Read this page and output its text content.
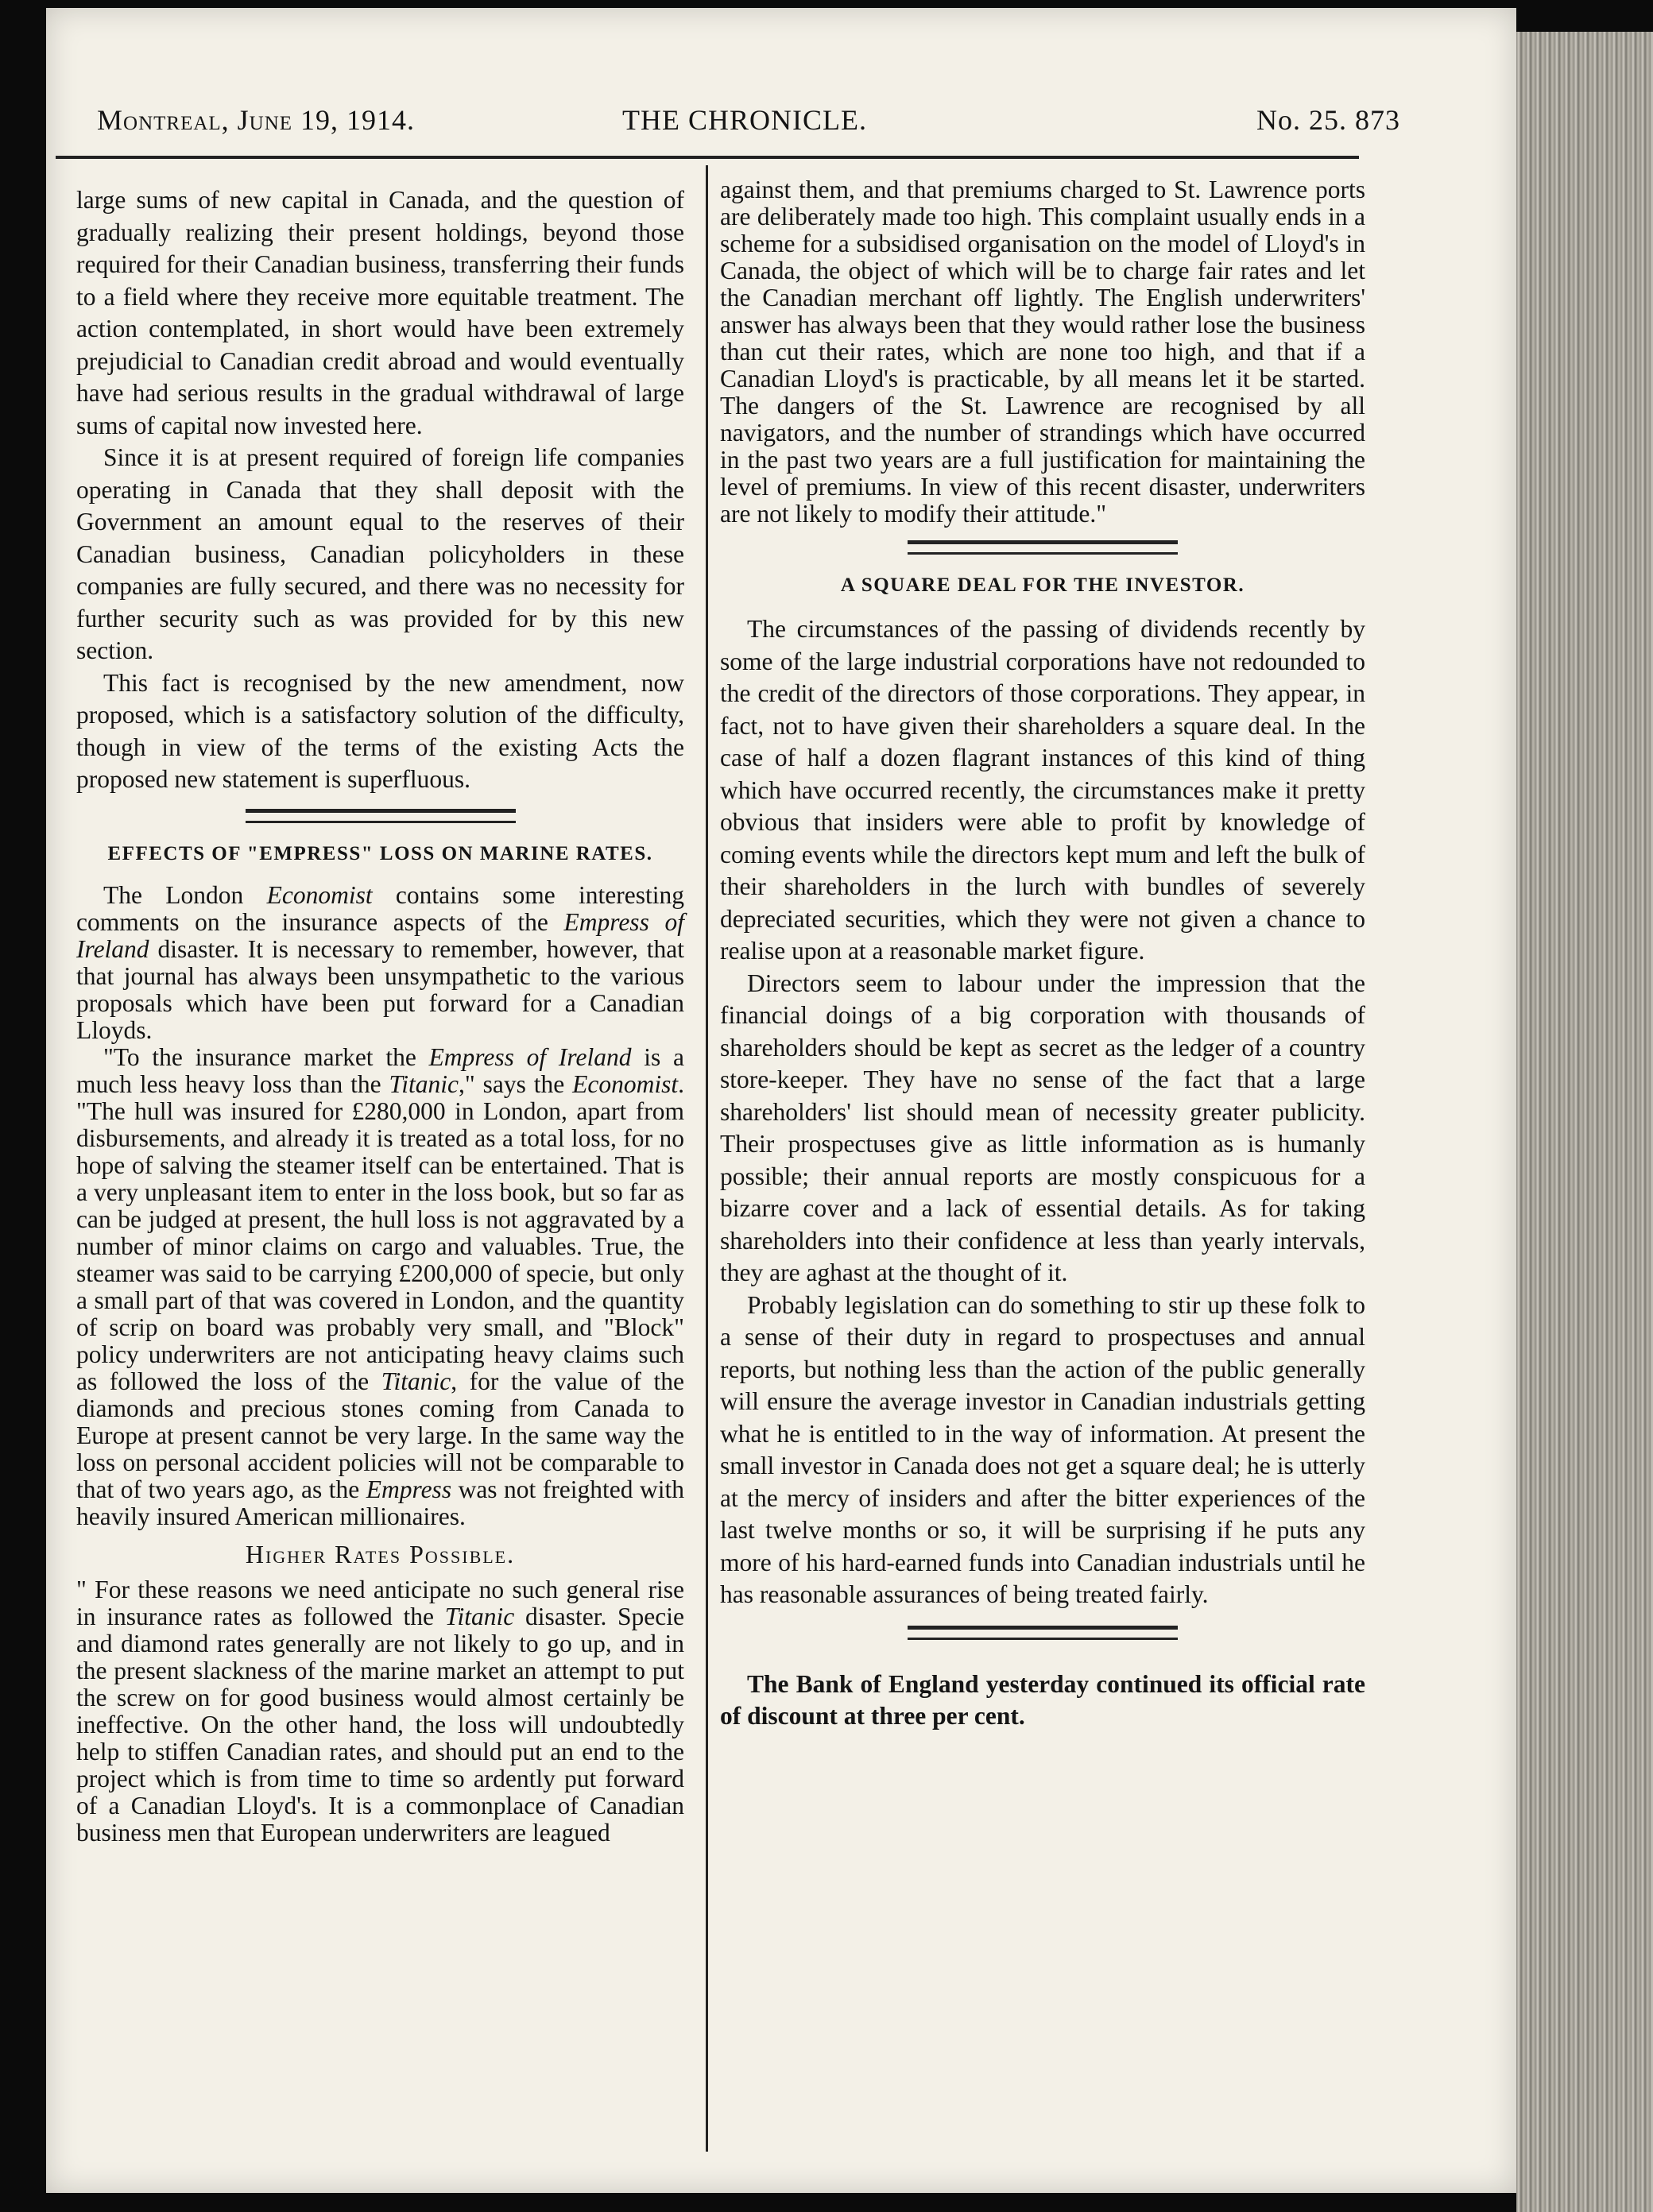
Montreal, June 19, 1914.	THE CHRONICLE.	No. 25. 873

large sums of new capital in Canada, and the question of gradually realizing their present holdings, beyond those required for their Canadian business, transferring their funds to a field where they receive more equitable treatment. The action contemplated, in short would have been extremely prejudicial to Canadian credit abroad and would eventually have had serious results in the gradual withdrawal of large sums of capital now invested here.

Since it is at present required of foreign life companies operating in Canada that they shall deposit with the Government an amount equal to the reserves of their Canadian business, Canadian policyholders in these companies are fully secured, and there was no necessity for further security such as was provided for by this new section.

This fact is recognised by the new amendment, now proposed, which is a satisfactory solution of the difficulty, though in view of the terms of the existing Acts the proposed new statement is superfluous.

EFFECTS OF "EMPRESS" LOSS ON MARINE RATES.

The London Economist contains some interesting comments on the insurance aspects of the Empress of Ireland disaster. It is necessary to remember, however, that that journal has always been unsympathetic to the various proposals which have been put forward for a Canadian Lloyds.

"To the insurance market the Empress of Ireland is a much less heavy loss than the Titanic," says the Economist. "The hull was insured for £280,000 in London, apart from disbursements, and already it is treated as a total loss, for no hope of salving the steamer itself can be entertained. That is a very unpleasant item to enter in the loss book, but so far as can be judged at present, the hull loss is not aggravated by a number of minor claims on cargo and valuables. True, the steamer was said to be carrying £200,000 of specie, but only a small part of that was covered in London, and the quantity of scrip on board was probably very small, and "Block" policy underwriters are not anticipating heavy claims such as followed the loss of the Titanic, for the value of the diamonds and precious stones coming from Canada to Europe at present cannot be very large. In the same way the loss on personal accident policies will not be comparable to that of two years ago, as the Empress was not freighted with heavily insured American millionaires.

Higher Rates Possible.

" For these reasons we need anticipate no such general rise in insurance rates as followed the Titanic disaster. Specie and diamond rates generally are not likely to go up, and in the present slackness of the marine market an attempt to put the screw on for good business would almost certainly be ineffective. On the other hand, the loss will undoubtedly help to stiffen Canadian rates, and should put an end to the project which is from time to time so ardently put forward of a Canadian Lloyd's. It is a commonplace of Canadian business men that European underwriters are leagued

against them, and that premiums charged to St. Lawrence ports are deliberately made too high. This complaint usually ends in a scheme for a subsidised organisation on the model of Lloyd's in Canada, the object of which will be to charge fair rates and let the Canadian merchant off lightly. The English underwriters' answer has always been that they would rather lose the business than cut their rates, which are none too high, and that if a Canadian Lloyd's is practicable, by all means let it be started. The dangers of the St. Lawrence are recognised by all navigators, and the number of strandings which have occurred in the past two years are a full justification for maintaining the level of premiums. In view of this recent disaster, underwriters are not likely to modify their attitude."

A SQUARE DEAL FOR THE INVESTOR.

The circumstances of the passing of dividends recently by some of the large industrial corporations have not redounded to the credit of the directors of those corporations. They appear, in fact, not to have given their shareholders a square deal. In the case of half a dozen flagrant instances of this kind of thing which have occurred recently, the circumstances make it pretty obvious that insiders were able to profit by knowledge of coming events while the directors kept mum and left the bulk of their shareholders in the lurch with bundles of severely depreciated securities, which they were not given a chance to realise upon at a reasonable market figure.

Directors seem to labour under the impression that the financial doings of a big corporation with thousands of shareholders should be kept as secret as the ledger of a country store-keeper. They have no sense of the fact that a large shareholders' list should mean of necessity greater publicity. Their prospectuses give as little information as is humanly possible; their annual reports are mostly conspicuous for a bizarre cover and a lack of essential details. As for taking shareholders into their confidence at less than yearly intervals, they are aghast at the thought of it.

Probably legislation can do something to stir up these folk to a sense of their duty in regard to prospectuses and annual reports, but nothing less than the action of the public generally will ensure the average investor in Canadian industrials getting what he is entitled to in the way of information. At present the small investor in Canada does not get a square deal; he is utterly at the mercy of insiders and after the bitter experiences of the last twelve months or so, it will be surprising if he puts any more of his hard-earned funds into Canadian industrials until he has reasonable assurances of being treated fairly.

The Bank of England yesterday continued its official rate of discount at three per cent.
